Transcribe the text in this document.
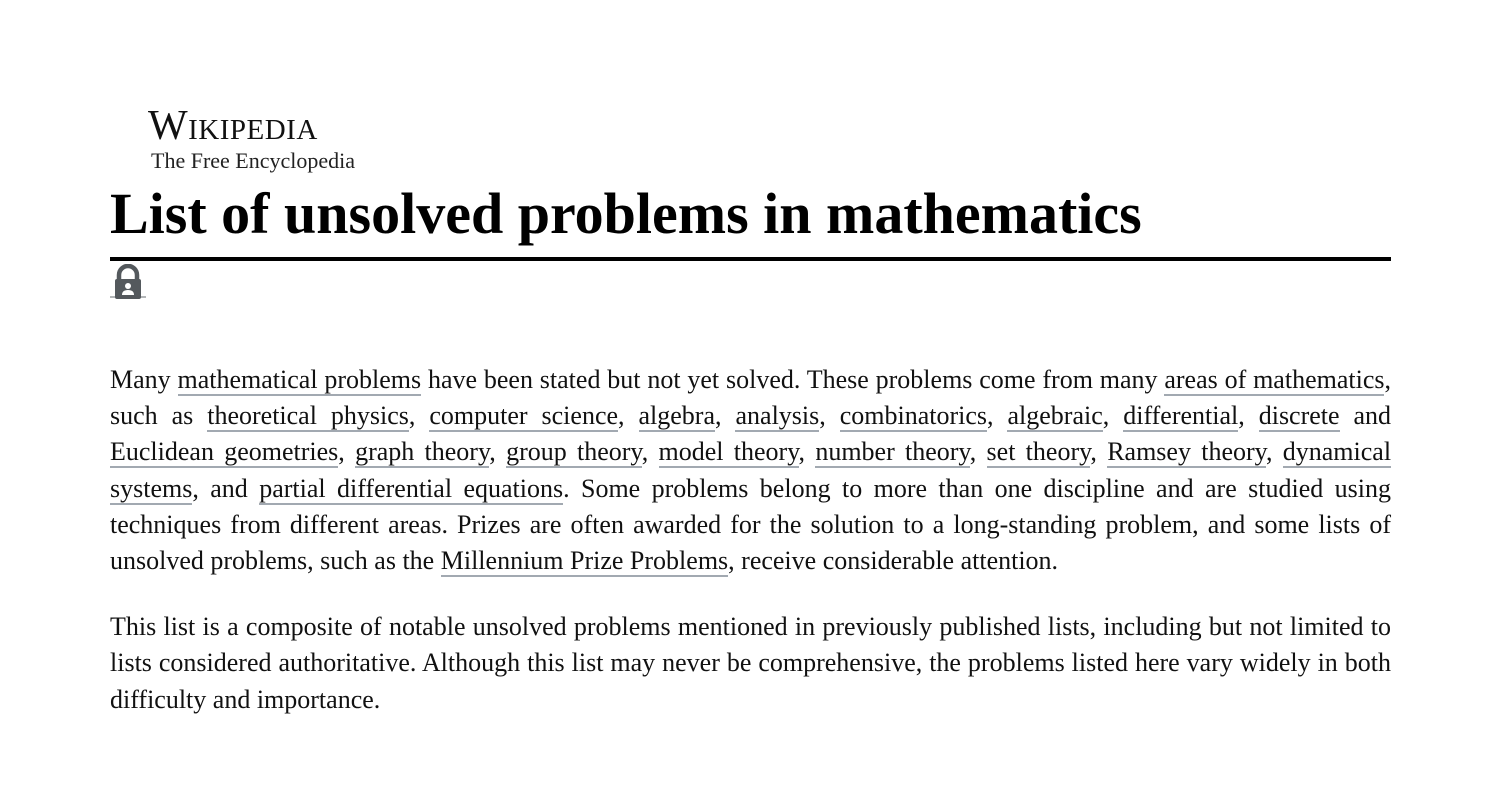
Wikipedia
The Free Encyclopedia
List of unsolved problems in mathematics

Many mathematical problems have been stated but not yet solved. These problems come from many areas of mathematics, such as theoretical physics, computer science, algebra, analysis, combinatorics, algebraic, differential, discrete and Euclidean geometries, graph theory, group theory, model theory, number theory, set theory, Ramsey theory, dynamical systems, and partial differential equations. Some problems belong to more than one discipline and are studied using techniques from different areas. Prizes are often awarded for the solution to a long-standing problem, and some lists of unsolved problems, such as the Millennium Prize Problems, receive considerable attention.

This list is a composite of notable unsolved problems mentioned in previously published lists, including but not limited to lists considered authoritative. Although this list may never be comprehensive, the problems listed here vary widely in both difficulty and importance.
